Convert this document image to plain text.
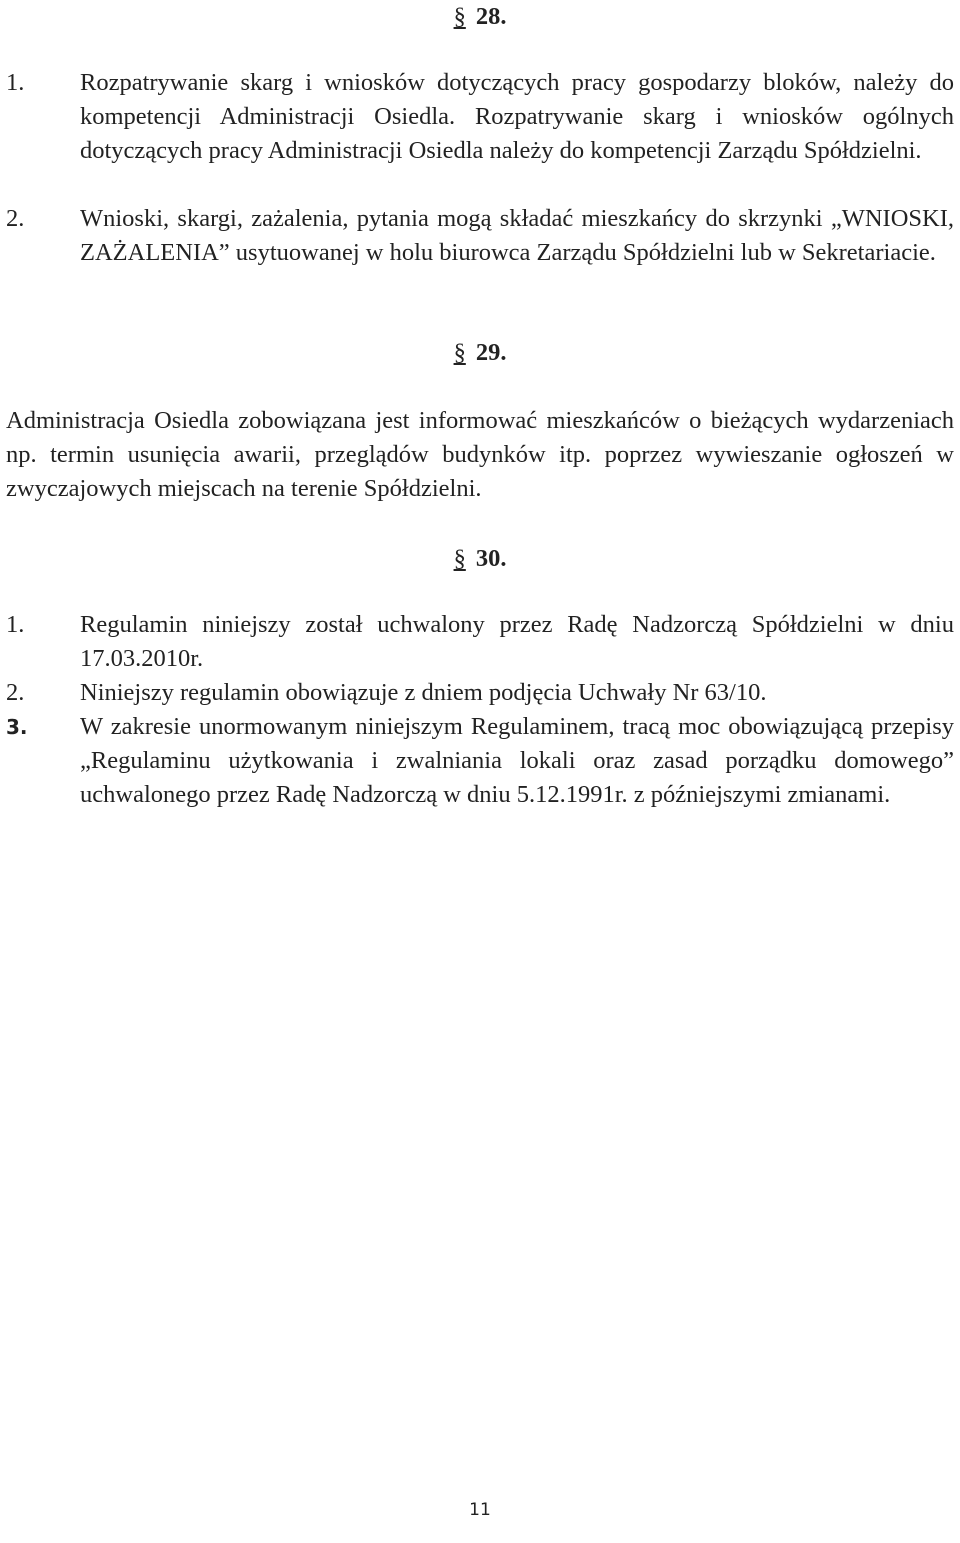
§ 28.
1.	Rozpatrywanie skarg i wniosków dotyczących pracy gospodarzy bloków, należy do kompetencji Administracji Osiedla. Rozpatrywanie skarg i wniosków ogólnych dotyczących pracy Administracji Osiedla należy do kompetencji Zarządu Spółdzielni.
2.	Wnioski, skargi, zażalenia, pytania mogą składać mieszkańcy do skrzynki „WNIOSKI, ZAŻALENIA” usytuowanej w holu biurowca Zarządu Spółdzielni lub w Sekretariacie.
§ 29.
Administracja Osiedla zobowiązana jest informować mieszkańców o bieżących wydarzeniach np. termin usunięcia awarii, przeglądów budynków itp. poprzez wywieszanie ogłoszeń w zwyczajowych miejscach na terenie Spółdzielni.
§ 30.
1.	Regulamin niniejszy został uchwalony przez Radę Nadzorczą Spółdzielni w dniu 17.03.2010r.
2.	Niniejszy regulamin obowiązuje z dniem podjęcia Uchwały Nr 63/10.
3.	W zakresie unormowanym niniejszym Regulaminem, tracą moc obowiązującą przepisy „Regulaminu użytkowania i zwalniania lokali oraz zasad porządku domowego” uchwalonego przez Radę Nadzorczą w dniu 5.12.1991r. z późniejszymi zmianami.
11
